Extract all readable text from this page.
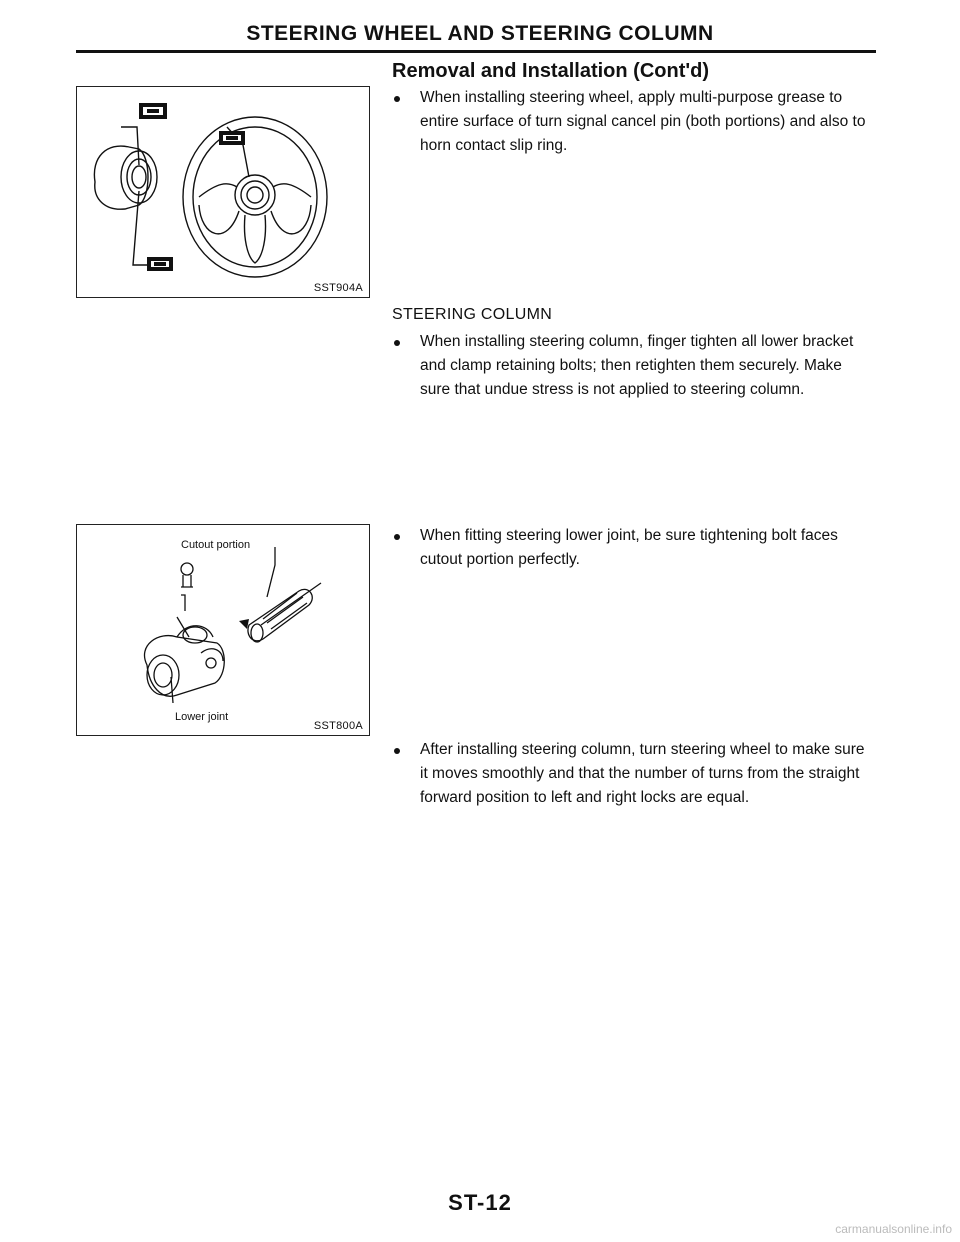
STEERING WHEEL AND STEERING COLUMN
Removal and Installation (Cont'd)
When installing steering wheel, apply multi-purpose grease to entire surface of turn signal cancel pin (both portions) and also to horn contact slip ring.
SST904A
STEERING COLUMN
When installing steering column, finger tighten all lower bracket and clamp retaining bolts; then retighten them securely. Make sure that undue stress is not applied to steering column.
When fitting steering lower joint, be sure tightening bolt faces cutout portion perfectly.
Cutout portion
Lower joint
SST800A
After installing steering column, turn steering wheel to make sure it moves smoothly and that the number of turns from the straight forward position to left and right locks are equal.
ST-12
carmanualsonline.info
